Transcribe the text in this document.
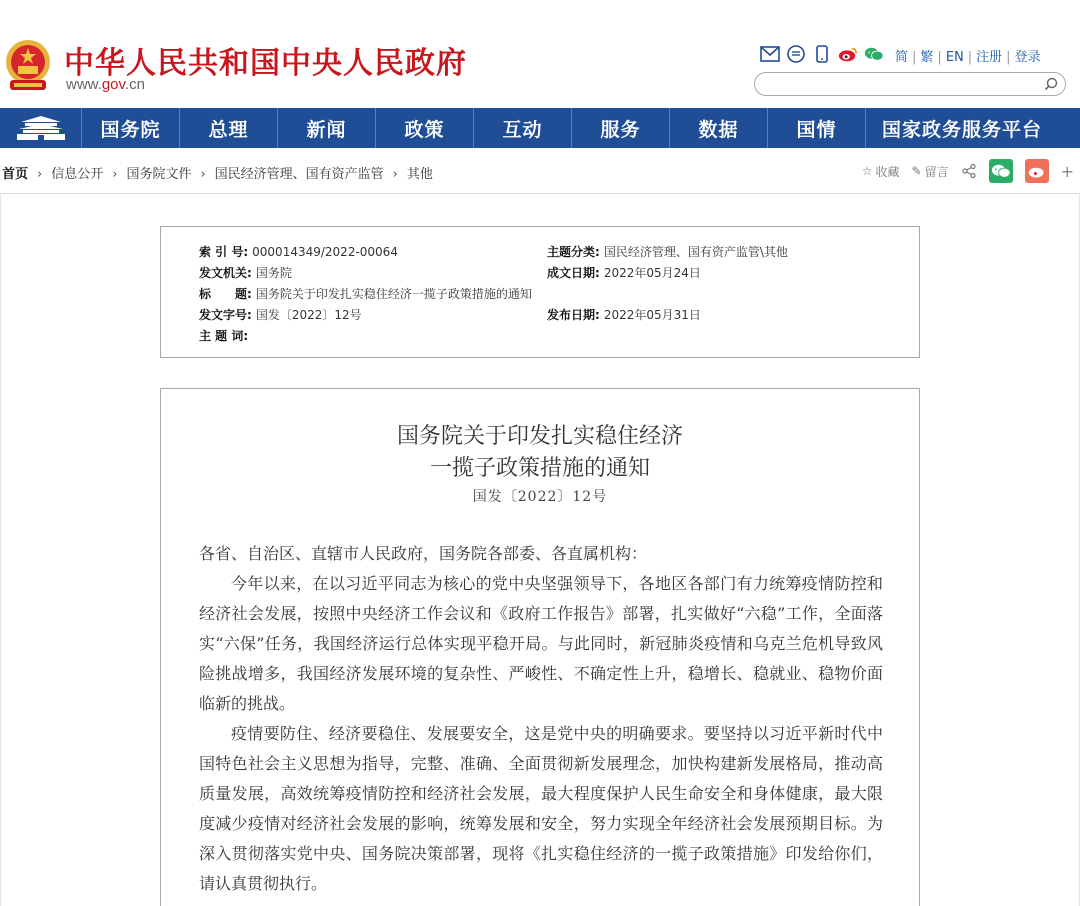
中华人民共和国中央人民政府
www.gov.cn
简 | 繁 | EN | 注册 | 登录
国务院	总理	新闻	政策	互动	服务	数据	国情	国家政务服务平台
首页 › 信息公开 › 国务院文件 › 国民经济管理、国有资产监管 › 其他	☆ 收藏 ✎ 留言	+
索 引 号: 000014349/2022-00064	主题分类: 国民经济管理、国有资产监管\其他
发文机关: 国务院	成文日期: 2022年05月24日
标　　题: 国务院关于印发扎实稳住经济一揽子政策措施的通知
发文字号: 国发〔2022〕12号	发布日期: 2022年05月31日
主 题 词:
国务院关于印发扎实稳住经济
一揽子政策措施的通知
国发〔2022〕12号

各省、自治区、直辖市人民政府，国务院各部委、各直属机构：

今年以来，在以习近平同志为核心的党中央坚强领导下，各地区各部门有力统筹疫情防控和经济社会发展，按照中央经济工作会议和《政府工作报告》部署，扎实做好“六稳”工作，全面落实“六保”任务，我国经济运行总体实现平稳开局。与此同时，新冠肺炎疫情和乌克兰危机导致风险挑战增多，我国经济发展环境的复杂性、严峻性、不确定性上升，稳增长、稳就业、稳物价面临新的挑战。

疫情要防住、经济要稳住、发展要安全，这是党中央的明确要求。要坚持以习近平新时代中国特色社会主义思想为指导，完整、准确、全面贯彻新发展理念，加快构建新发展格局，推动高质量发展，高效统筹疫情防控和经济社会发展，最大程度保护人民生命安全和身体健康，最大限度减少疫情对经济社会发展的影响，统筹发展和安全，努力实现全年经济社会发展预期目标。为深入贯彻落实党中央、国务院决策部署，现将《扎实稳住经济的一揽子政策措施》印发给你们，请认真贯彻执行。
